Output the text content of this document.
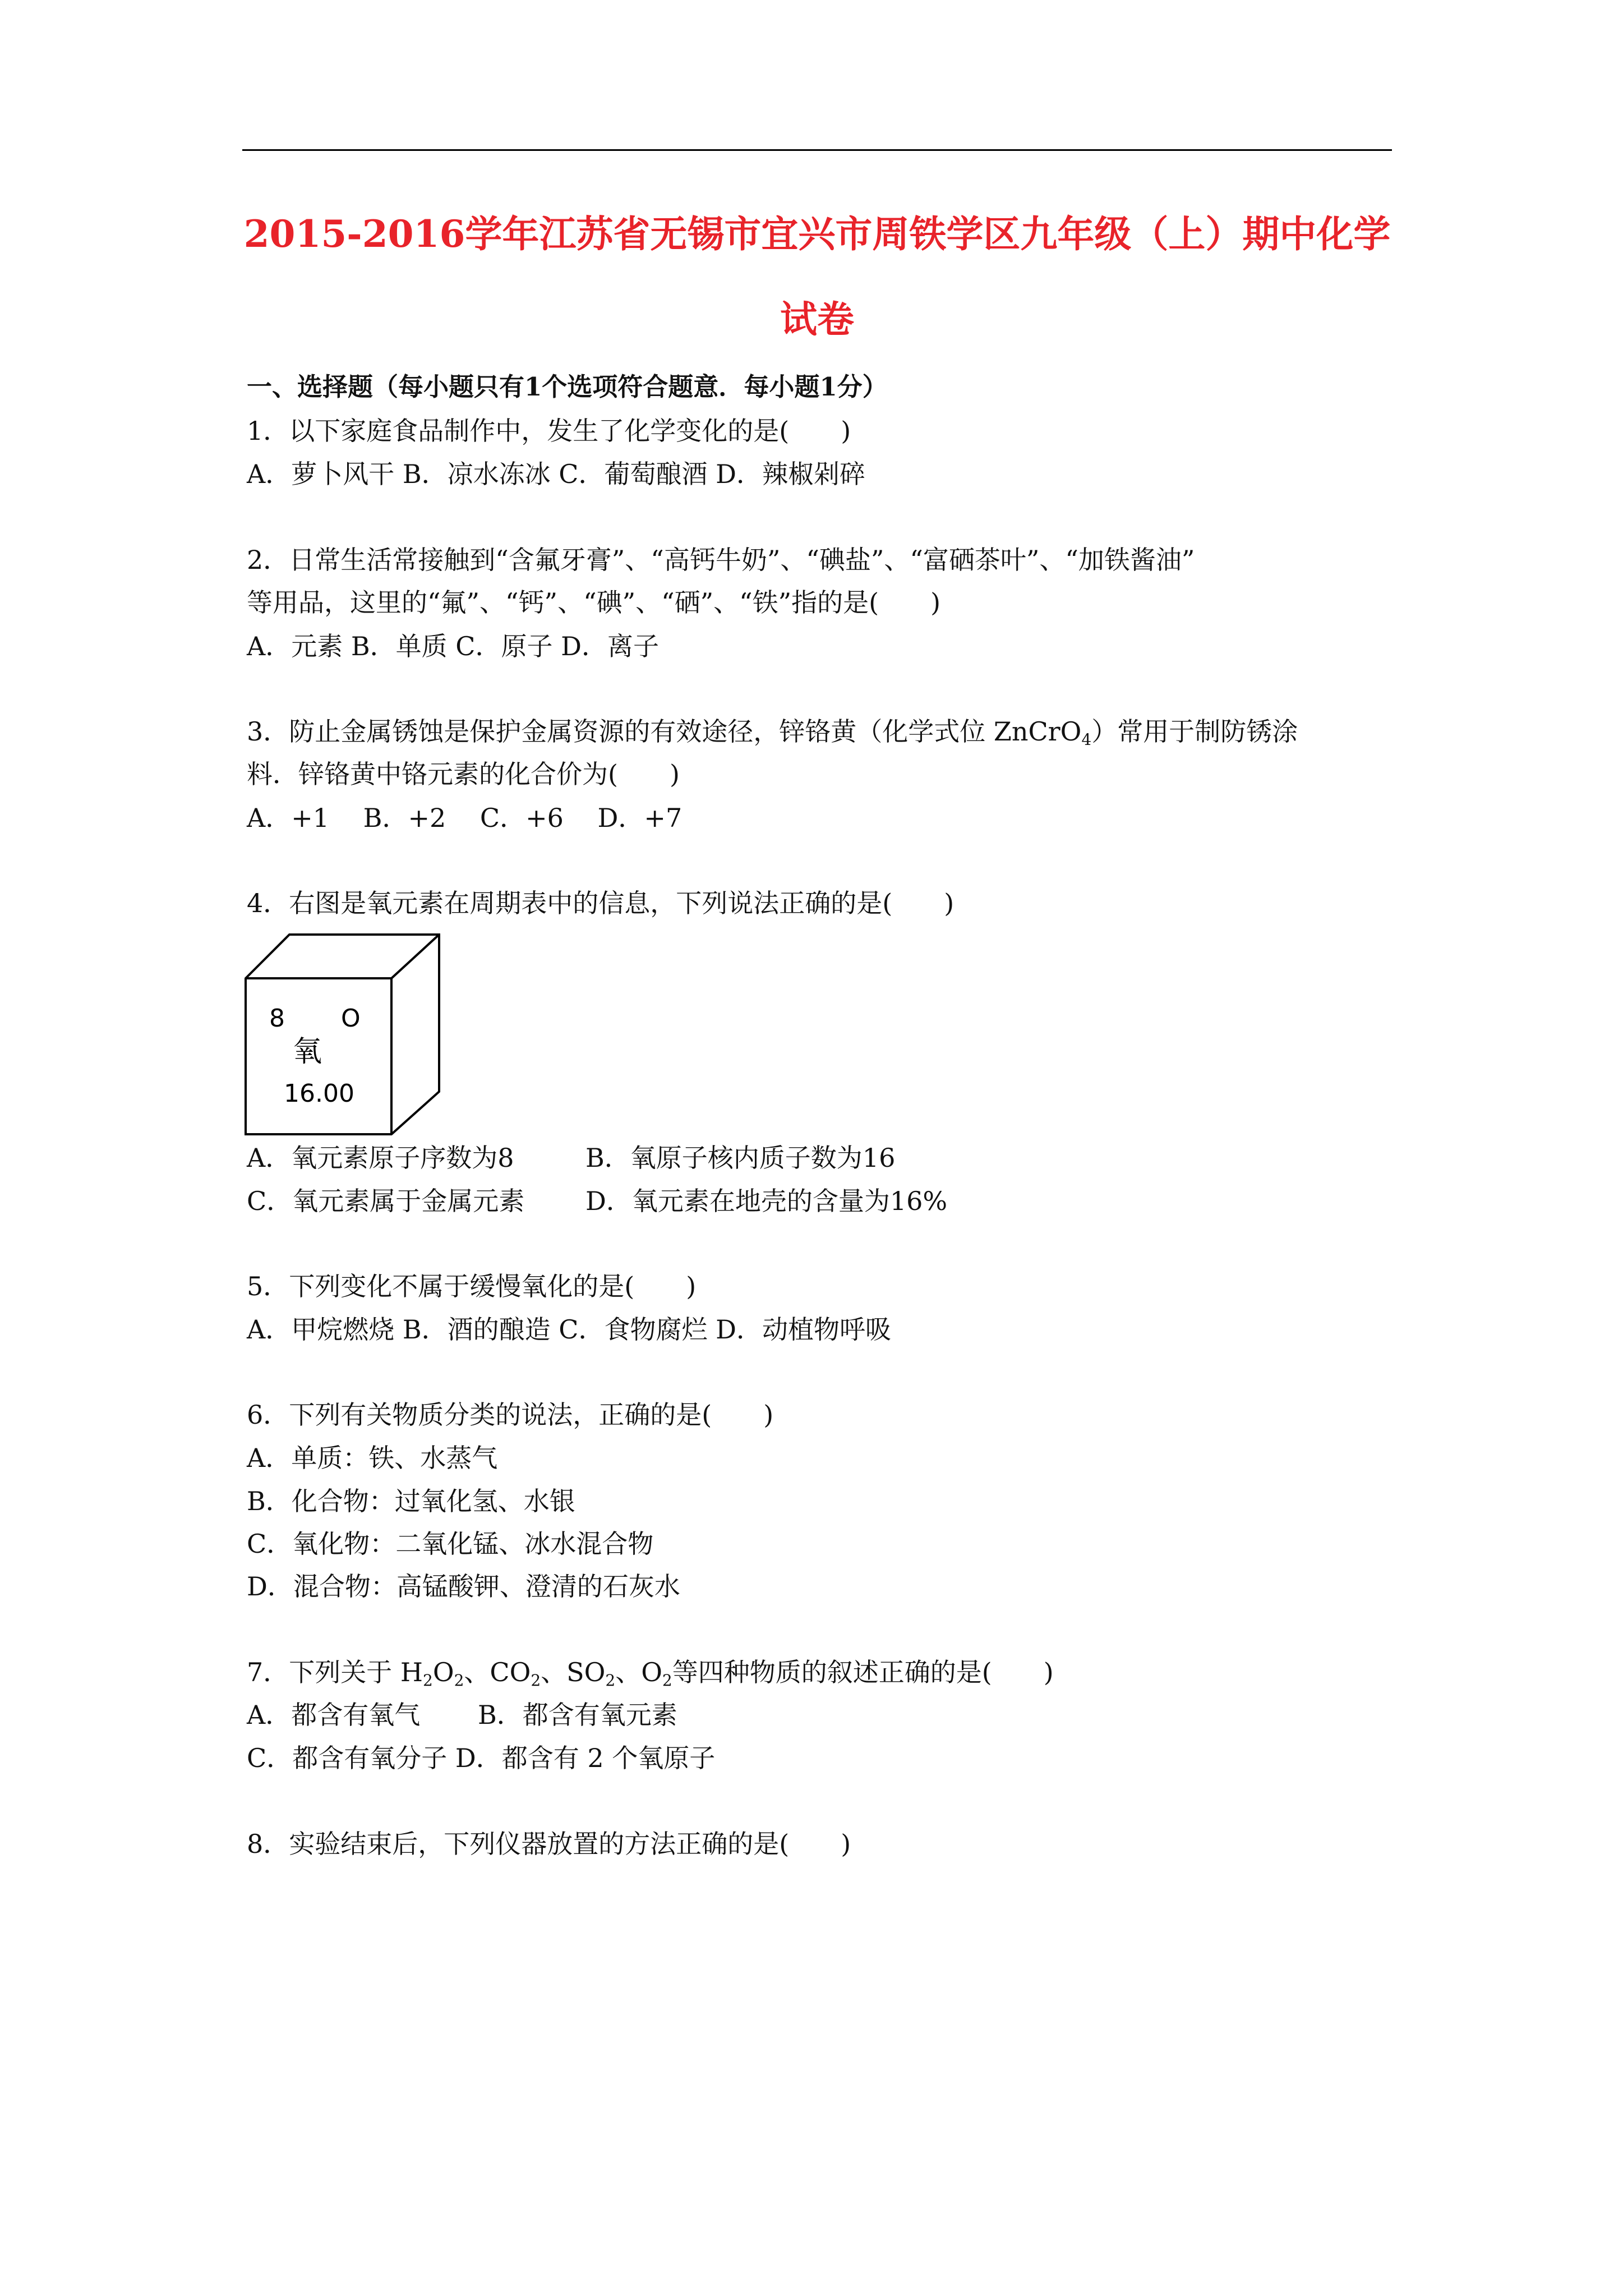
2015-2016学年江苏省无锡市宜兴市周铁学区九年级（上）期中化学
试卷
一、选择题（每小题只有1个选项符合题意．每小题1分）
1．以下家庭食品制作中，发生了化学变化的是(　　)
A．萝卜风干 B．凉水冻冰 C．葡萄酿酒 D．辣椒剁碎
2．日常生活常接触到“含氟牙膏”、“高钙牛奶”、“碘盐”、“富硒茶叶”、“加铁酱油”
等用品，这里的“氟”、“钙”、“碘”、“硒”、“铁”指的是(　　)
A．元素 B．单质 C．原子 D．离子
3．防止金属锈蚀是保护金属资源的有效途径，锌铬黄（化学式位 ZnCrO$_4$）常用于制防锈涂
料．锌铬黄中铬元素的化合价为(　　)
A．+1　 B．+2　 C．+6　 D．+7
4．右图是氧元素在周期表中的信息，下列说法正确的是(　　)
8 O
氧
16.00
A．氧元素原子序数为8	B．氧原子核内质子数为16
C．氧元素属于金属元素 D．氧元素在地壳的含量为16%
5．下列变化不属于缓慢氧化的是(　　)
A．甲烷燃烧 B．酒的酿造 C．食物腐烂 D．动植物呼吸
6．下列有关物质分类的说法，正确的是(　　)
A．单质：铁、水蒸气
B．化合物：过氧化氢、水银
C．氧化物：二氧化锰、冰水混合物
D．混合物：高锰酸钾、澄清的石灰水
7．下列关于 $H_2O_2$、$CO_2$、$SO_2$、$O_2$等四种物质的叙述正确的是(　　)
A．都含有氧气 B．都含有氧元素
C．都含有氧分子 D．都含有 2 个氧原子
8．实验结束后，下列仪器放置的方法正确的是(　　)
